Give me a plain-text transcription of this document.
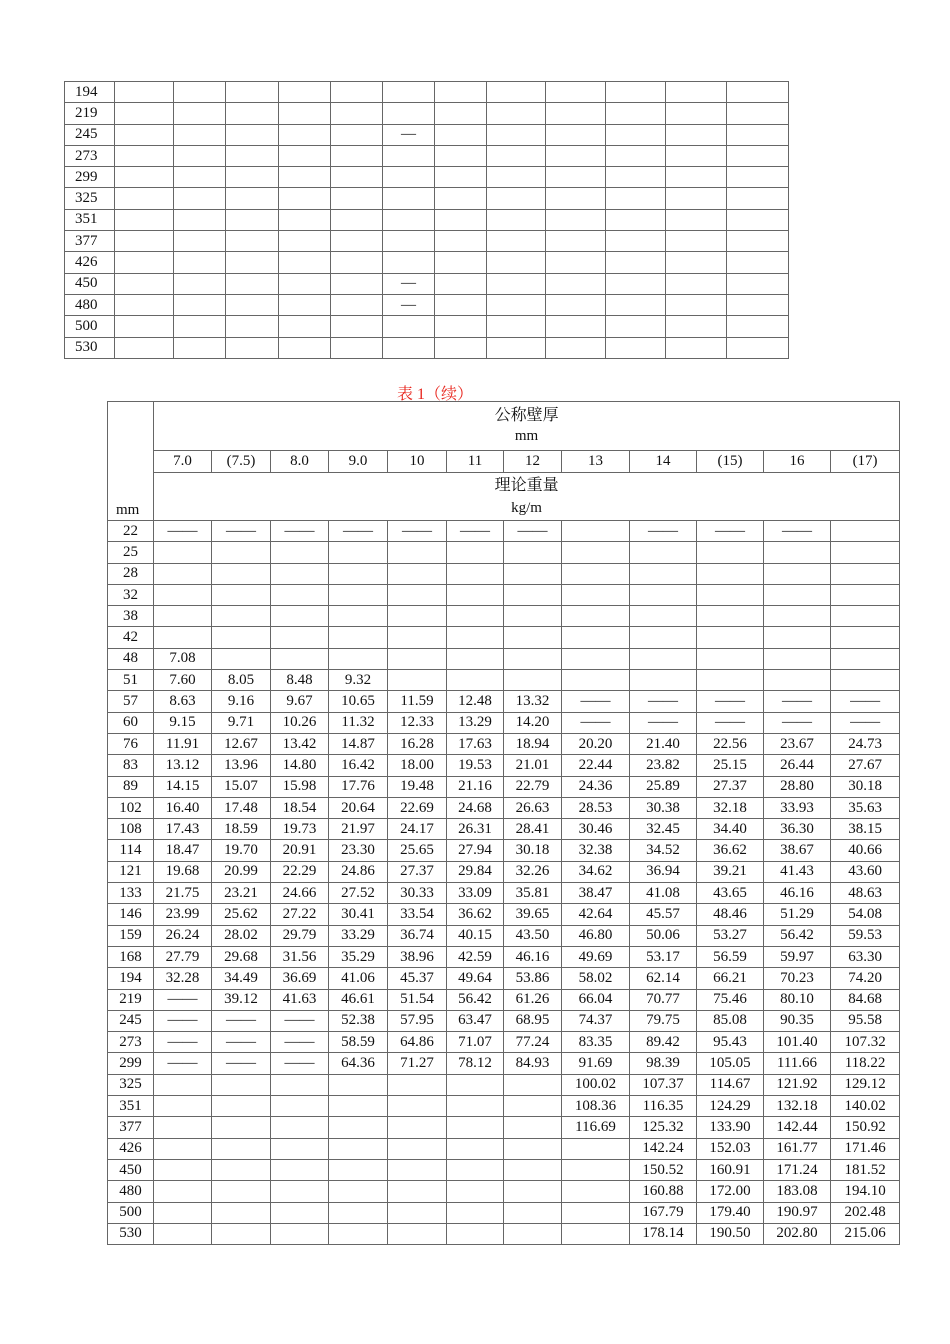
194												
219												
245						—						
273												
299												
325												
351												
377												
426												
450						—						
480						—						
500												
530												
表 1（续）
mm	公称壁厚
mm											

	7.0	(7.5)	8.0	9.0	10	11	12	13	14	(15)	16	(17)

	理论重量
kg/m											

22	——	——	——	——	——	——	——		——	——	——	
25												
28												
32												
38												
42												
48	7.08											
51	7.60	8.05	8.48	9.32								
57	8.63	9.16	9.67	10.65	11.59	12.48	13.32	——	——	——	——	——
60	9.15	9.71	10.26	11.32	12.33	13.29	14.20	——	——	——	——	——
76	11.91	12.67	13.42	14.87	16.28	17.63	18.94	20.20	21.40	22.56	23.67	24.73
83	13.12	13.96	14.80	16.42	18.00	19.53	21.01	22.44	23.82	25.15	26.44	27.67
89	14.15	15.07	15.98	17.76	19.48	21.16	22.79	24.36	25.89	27.37	28.80	30.18
102	16.40	17.48	18.54	20.64	22.69	24.68	26.63	28.53	30.38	32.18	33.93	35.63
108	17.43	18.59	19.73	21.97	24.17	26.31	28.41	30.46	32.45	34.40	36.30	38.15
114	18.47	19.70	20.91	23.30	25.65	27.94	30.18	32.38	34.52	36.62	38.67	40.66
121	19.68	20.99	22.29	24.86	27.37	29.84	32.26	34.62	36.94	39.21	41.43	43.60
133	21.75	23.21	24.66	27.52	30.33	33.09	35.81	38.47	41.08	43.65	46.16	48.63
146	23.99	25.62	27.22	30.41	33.54	36.62	39.65	42.64	45.57	48.46	51.29	54.08
159	26.24	28.02	29.79	33.29	36.74	40.15	43.50	46.80	50.06	53.27	56.42	59.53
168	27.79	29.68	31.56	35.29	38.96	42.59	46.16	49.69	53.17	56.59	59.97	63.30
194	32.28	34.49	36.69	41.06	45.37	49.64	53.86	58.02	62.14	66.21	70.23	74.20
219	——	39.12	41.63	46.61	51.54	56.42	61.26	66.04	70.77	75.46	80.10	84.68
245	——	——	——	52.38	57.95	63.47	68.95	74.37	79.75	85.08	90.35	95.58
273	——	——	——	58.59	64.86	71.07	77.24	83.35	89.42	95.43	101.40	107.32
299	——	——	——	64.36	71.27	78.12	84.93	91.69	98.39	105.05	111.66	118.22
325								100.02	107.37	114.67	121.92	129.12
351								108.36	116.35	124.29	132.18	140.02
377								116.69	125.32	133.90	142.44	150.92
426									142.24	152.03	161.77	171.46
450									150.52	160.91	171.24	181.52
480									160.88	172.00	183.08	194.10
500									167.79	179.40	190.97	202.48
530									178.14	190.50	202.80	215.06
